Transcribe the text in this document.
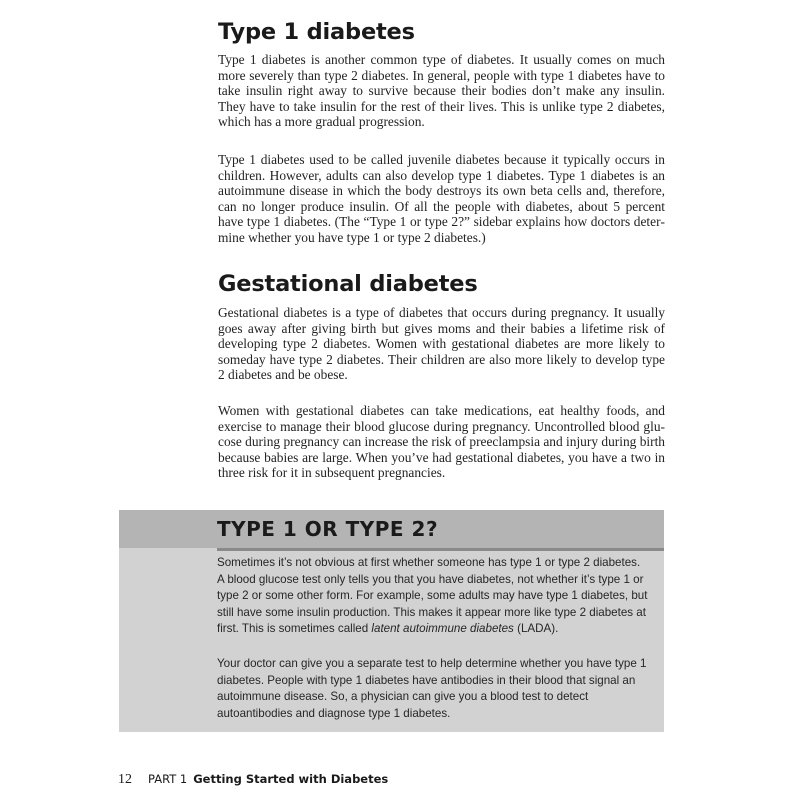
Type 1 diabetes

Type 1 diabetes is another common type of diabetes. It usually comes on much more severely than type 2 diabetes. In general, people with type 1 diabetes have to take insulin right away to survive because their bodies don’t make any insulin. They have to take insulin for the rest of their lives. This is unlike type 2 diabetes, which has a more gradual progression.

Type 1 diabetes used to be called juvenile diabetes because it typically occurs in children. However, adults can also develop type 1 diabetes. Type 1 diabetes is an autoimmune disease in which the body destroys its own beta cells and, therefore, can no longer produce insulin. Of all the people with diabetes, about 5 percent have type 1 diabetes. (The “Type 1 or type 2?” sidebar explains how doctors determine whether you have type 1 or type 2 diabetes.)

Gestational diabetes

Gestational diabetes is a type of diabetes that occurs during pregnancy. It usually goes away after giving birth but gives moms and their babies a lifetime risk of developing type 2 diabetes. Women with gestational diabetes are more likely to someday have type 2 diabetes. Their children are also more likely to develop type 2 diabetes and be obese.

Women with gestational diabetes can take medications, eat healthy foods, and exercise to manage their blood glucose during pregnancy. Uncontrolled blood glucose during pregnancy can increase the risk of preeclampsia and injury during birth because babies are large. When you’ve had gestational diabetes, you have a two in three risk for it in subsequent pregnancies.

TYPE 1 OR TYPE 2?

Sometimes it’s not obvious at first whether someone has type 1 or type 2 diabetes. A blood glucose test only tells you that you have diabetes, not whether it’s type 1 or type 2 or some other form. For example, some adults may have type 1 diabetes, but still have some insulin production. This makes it appear more like type 2 diabetes at first. This is sometimes called latent autoimmune diabetes (LADA).

Your doctor can give you a separate test to help determine whether you have type 1 diabetes. People with type 1 diabetes have antibodies in their blood that signal an autoimmune disease. So, a physician can give you a blood test to detect autoantibodies and diagnose type 1 diabetes.

12 PART 1 Getting Started with Diabetes
